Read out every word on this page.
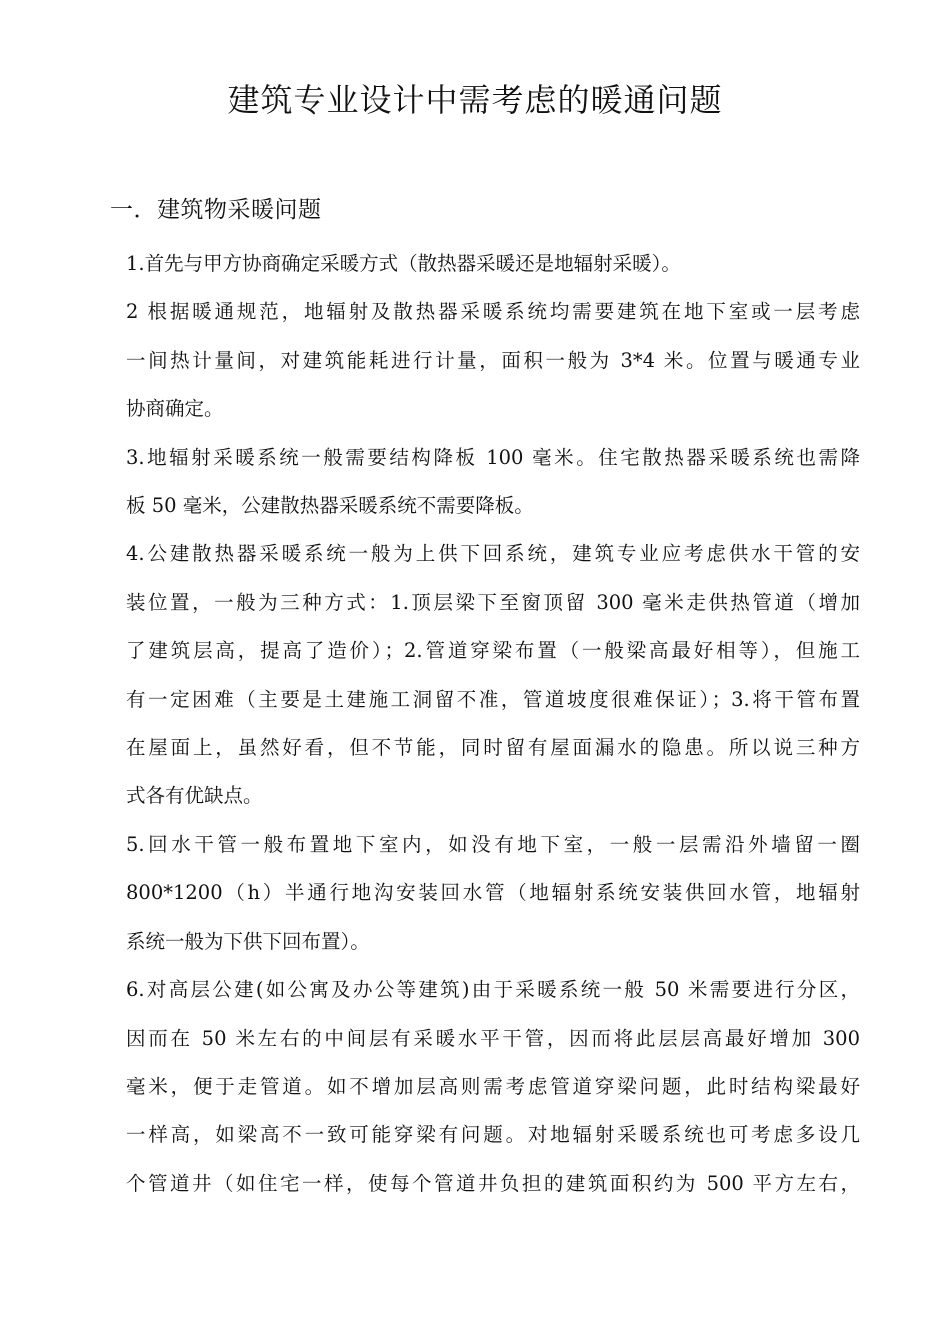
建筑专业设计中需考虑的暖通问题
一．建筑物采暖问题
1.首先与甲方协商确定采暖方式（散热器采暖还是地辐射采暖）。
2 根据暖通规范，地辐射及散热器采暖系统均需要建筑在地下室或一层考虑
一间热计量间，对建筑能耗进行计量，面积一般为 3*4 米。位置与暖通专业
协商确定。
3.地辐射采暖系统一般需要结构降板 100 毫米。住宅散热器采暖系统也需降
板 50 毫米，公建散热器采暖系统不需要降板。
4.公建散热器采暖系统一般为上供下回系统，建筑专业应考虑供水干管的安
装位置，一般为三种方式：1.顶层梁下至窗顶留 300 毫米走供热管道（增加
了建筑层高，提高了造价）；2.管道穿梁布置（一般梁高最好相等），但施工
有一定困难（主要是土建施工洞留不准，管道坡度很难保证）；3.将干管布置
在屋面上，虽然好看，但不节能，同时留有屋面漏水的隐患。所以说三种方
式各有优缺点。
5.回水干管一般布置地下室内，如没有地下室，一般一层需沿外墙留一圈
800*1200（h）半通行地沟安装回水管（地辐射系统安装供回水管，地辐射
系统一般为下供下回布置）。
6.对高层公建(如公寓及办公等建筑)由于采暖系统一般 50 米需要进行分区，
因而在 50 米左右的中间层有采暖水平干管，因而将此层层高最好增加 300
毫米，便于走管道。如不增加层高则需考虑管道穿梁问题，此时结构梁最好
一样高，如梁高不一致可能穿梁有问题。对地辐射采暖系统也可考虑多设几
个管道井（如住宅一样，使每个管道井负担的建筑面积约为 500 平方左右，
